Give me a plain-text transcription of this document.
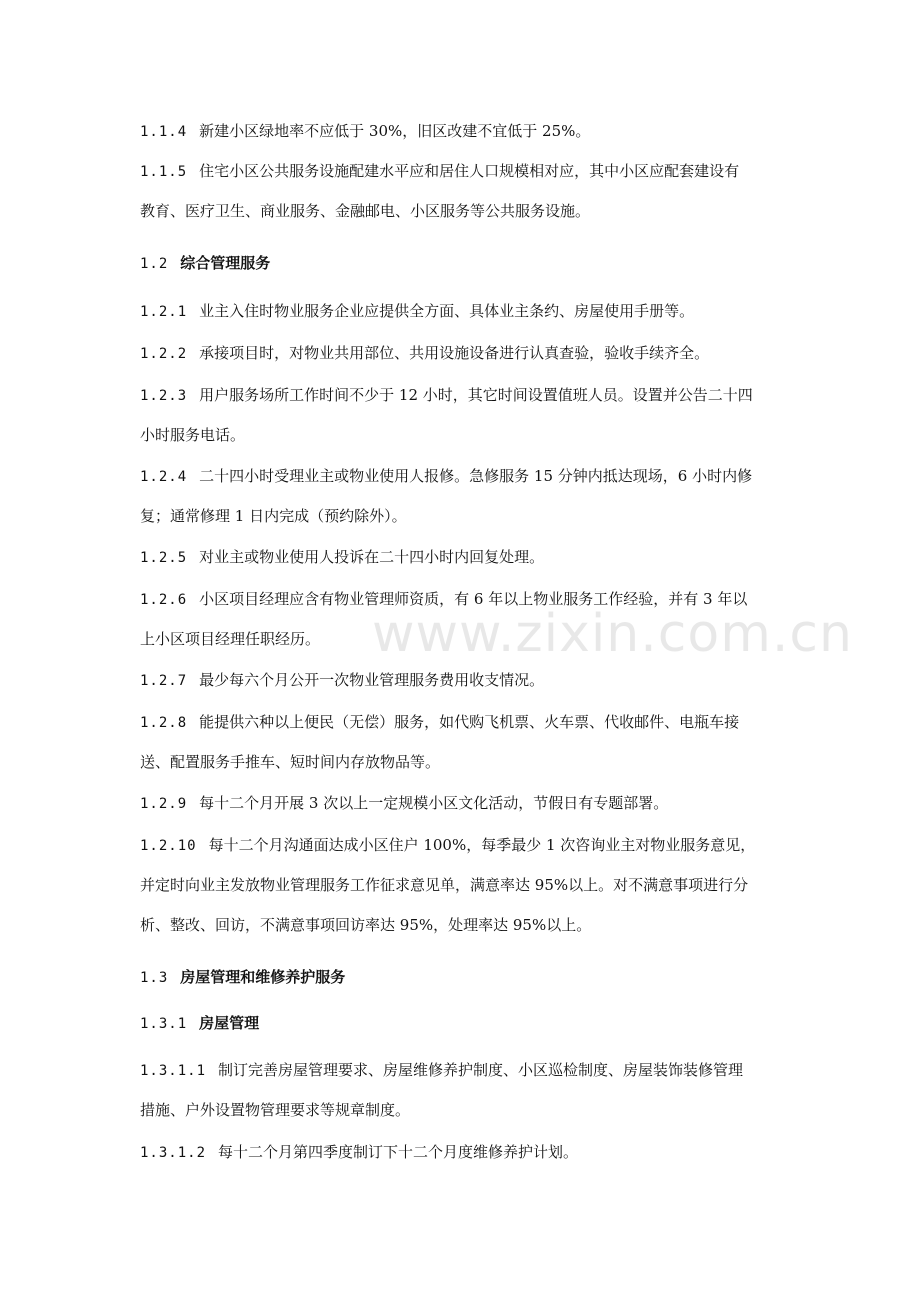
1.1.4 新建小区绿地率不应低于 30%，旧区改建不宜低于 25%。
1.1.5 住宅小区公共服务设施配建水平应和居住人口规模相对应，其中小区应配套建设有
教育、医疗卫生、商业服务、金融邮电、小区服务等公共服务设施。
1.2 综合管理服务
1.2.1 业主入住时物业服务企业应提供全方面、具体业主条约、房屋使用手册等。
1.2.2 承接项目时，对物业共用部位、共用设施设备进行认真查验，验收手续齐全。
1.2.3 用户服务场所工作时间不少于 12 小时，其它时间设置值班人员。设置并公告二十四
小时服务电话。
1.2.4 二十四小时受理业主或物业使用人报修。急修服务 15 分钟内抵达现场，6 小时内修
复；通常修理 1 日内完成（预约除外）。
1.2.5 对业主或物业使用人投诉在二十四小时内回复处理。
1.2.6 小区项目经理应含有物业管理师资质，有 6 年以上物业服务工作经验，并有 3 年以
上小区项目经理任职经历。
1.2.7 最少每六个月公开一次物业管理服务费用收支情况。
1.2.8 能提供六种以上便民（无偿）服务，如代购飞机票、火车票、代收邮件、电瓶车接
送、配置服务手推车、短时间内存放物品等。
1.2.9 每十二个月开展 3 次以上一定规模小区文化活动，节假日有专题部署。
1.2.10 每十二个月沟通面达成小区住户 100%，每季最少 1 次咨询业主对物业服务意见，
并定时向业主发放物业管理服务工作征求意见单，满意率达 95%以上。对不满意事项进行分
析、整改、回访，不满意事项回访率达 95%，处理率达 95%以上。
1.3 房屋管理和维修养护服务
1.3.1 房屋管理
1.3.1.1 制订完善房屋管理要求、房屋维修养护制度、小区巡检制度、房屋装饰装修管理
措施、户外设置物管理要求等规章制度。
1.3.1.2 每十二个月第四季度制订下十二个月度维修养护计划。
www.zixin.com.cn
